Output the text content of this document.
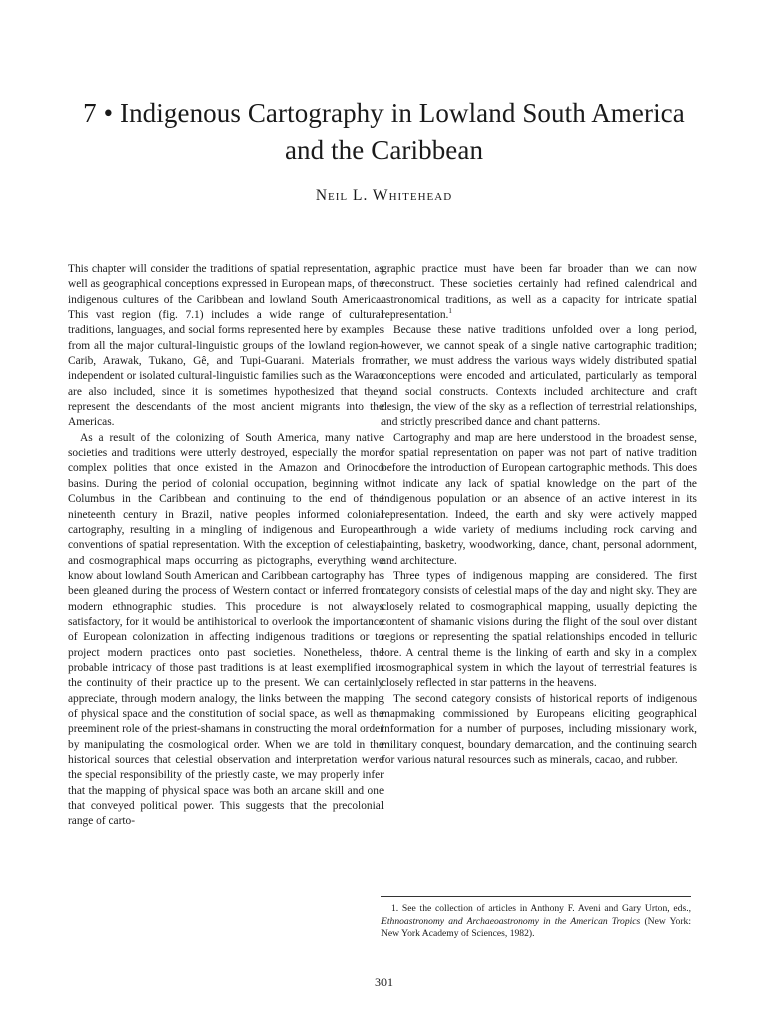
7 • Indigenous Cartography in Lowland South America
and the Caribbean
Neil L. Whitehead

This chapter will consider the traditions of spatial representation, as well as geographical conceptions expressed in European maps, of the indigenous cultures of the Caribbean and lowland South America. This vast region (fig. 7.1) includes a wide range of cultural traditions, languages, and social forms represented here by examples from all the major cultural-linguistic groups of the lowland region–Carib, Arawak, Tukano, Gê, and Tupi-Guarani. Materials from independent or isolated cultural-linguistic families such as the Warao are also included, since it is sometimes hypothesized that they represent the descendants of the most ancient migrants into the Americas.

As a result of the colonizing of South America, many native societies and traditions were utterly destroyed, especially the more complex polities that once existed in the Amazon and Orinoco basins. During the period of colonial occupation, beginning with Columbus in the Caribbean and continuing to the end of the nineteenth century in Brazil, native peoples informed colonial cartography, resulting in a mingling of indigenous and European conventions of spatial representation. With the exception of celestial and cosmographical maps occurring as pictographs, everything we know about lowland South American and Caribbean cartography has been gleaned during the process of Western contact or inferred from modern ethnographic studies. This procedure is not always satisfactory, for it would be antihistorical to overlook the importance of European colonization in affecting indigenous traditions or to project modern practices onto past societies. Nonetheless, the probable intricacy of those past traditions is at least exemplified in the continuity of their practice up to the present. We can certainly appreciate, through modern analogy, the links between the mapping of physical space and the constitution of social space, as well as the preeminent role of the priest-shamans in constructing the moral order by manipulating the cosmological order. When we are told in the historical sources that celestial observation and interpretation were the special responsibility of the priestly caste, we may properly infer that the mapping of physical space was both an arcane skill and one that conveyed political power. This suggests that the precolonial range of carto-

graphic practice must have been far broader than we can now reconstruct. These societies certainly had refined calendrical and astronomical traditions, as well as a capacity for intricate spatial representation.$^1$

Because these native traditions unfolded over a long period, however, we cannot speak of a single native cartographic tradition; rather, we must address the various ways widely distributed spatial conceptions were encoded and articulated, particularly as temporal and social constructs. Contexts included architecture and craft design, the view of the sky as a reflection of terrestrial relationships, and strictly prescribed dance and chant patterns.

Cartography and map are here understood in the broadest sense, for spatial representation on paper was not part of native tradition before the introduction of European cartographic methods. This does not indicate any lack of spatial knowledge on the part of the indigenous population or an absence of an active interest in its representation. Indeed, the earth and sky were actively mapped through a wide variety of mediums including rock carving and painting, basketry, woodworking, dance, chant, personal adornment, and architecture.

Three types of indigenous mapping are considered. The first category consists of celestial maps of the day and night sky. They are closely related to cosmographical mapping, usually depicting the content of shamanic visions during the flight of the soul over distant regions or representing the spatial relationships encoded in telluric lore. A central theme is the linking of earth and sky in a complex cosmographical system in which the layout of terrestrial features is closely reflected in star patterns in the heavens.

The second category consists of historical reports of indigenous mapmaking commissioned by Europeans eliciting geographical information for a number of purposes, including missionary work, military conquest, boundary demarcation, and the continuing search for various natural resources such as minerals, cacao, and rubber.

1. See the collection of articles in Anthony F. Aveni and Gary Urton, eds., Ethnoastronomy and Archaeoastronomy in the American Tropics (New York: New York Academy of Sciences, 1982).
301
